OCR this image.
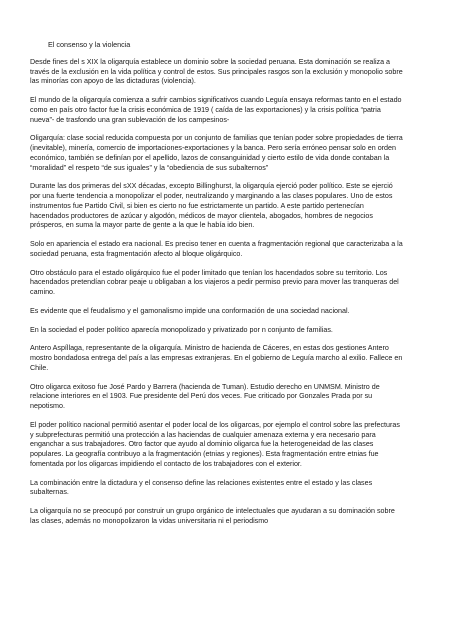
El consenso y la violencia
Desde fines del s XIX la oligarquía establece un dominio sobre la sociedad peruana. Esta dominación se realiza a través de la exclusión en la vida política y control de estos. Sus principales rasgos son la exclusión y monopolio sobre las minorías con apoyo de las dictaduras (violencia).
El mundo de la oligarquía comienza a sufrir cambios significativos cuando Leguía ensaya reformas tanto en el estado como en país otro factor fue la crisis económica de 1919 ( caída de las exportaciones) y la crisis política “patria nueva”- de trasfondo una gran sublevación de los campesinos-
Oligarquía: clase social reducida compuesta por un conjunto de familias que tenían poder sobre propiedades de tierra (inevitable), minería, comercio de importaciones-exportaciones y la banca. Pero sería erróneo pensar solo en orden económico, también se definían por el apellido, lazos de consanguinidad y cierto estilo de vida donde contaban la “moralidad” el respeto “de sus iguales” y la “obediencia de sus subalternos”
Durante las dos primeras del sXX décadas, excepto Billinghurst, la oligarquía ejerció poder político. Este se ejerció por una fuerte tendencia a monopolizar el poder, neutralizando y marginando a las clases populares. Uno de estos instrumentos fue Partido Civil, si bien es cierto no fue estrictamente un partido. A este partido pertenecían hacendados productores de azúcar y algodón, médicos de mayor clientela, abogados, hombres de negocios prósperos, en suma la mayor parte de gente a la que le había ido bien.
Solo en apariencia el estado era nacional. Es preciso tener en cuenta a fragmentación regional que caracterizaba a la sociedad peruana, esta fragmentación afecto al bloque oligárquico.
Otro obstáculo para el estado oligárquico fue el poder limitado que tenían los hacendados sobre su territorio. Los hacendados pretendían cobrar peaje u obligaban a los viajeros a pedir permiso previo para mover las tranqueras del camino.
Es evidente que el feudalismo y el gamonalismo impide una conformación de una sociedad nacional.
En la sociedad el poder político aparecía monopolizado y privatizado por n conjunto de familias.
Antero Aspíllaga, representante de la oligarquía. Ministro de hacienda de Cáceres, en estas dos gestiones Antero mostro bondadosa entrega del país a las empresas extranjeras. En el gobierno de Leguía marcho al exilio. Fallece en Chile.
Otro oligarca exitoso fue José Pardo y Barrera (hacienda de Tuman). Estudio derecho en UNMSM. Ministro de relacione interiores en el 1903. Fue presidente del Perú dos veces. Fue criticado por Gonzales Prada por su nepotismo.
El poder político nacional permitió asentar el poder local de los oligarcas, por ejemplo el control sobre las prefecturas y subprefecturas permitió una protección a las haciendas de cualquier amenaza externa y era necesario para enganchar a sus trabajadores. Otro factor que ayudo al dominio oligarca fue la heterogeneidad de las clases populares. La geografía contribuyo a la fragmentación (etnias y regiones). Esta fragmentación entre etnias fue fomentada por los oligarcas impidiendo el contacto de los trabajadores con el exterior.
La combinación entre la dictadura y el consenso define las relaciones existentes entre el estado y las clases subalternas.
La oligarquía no se preocupó por construir un grupo orgánico de intelectuales que ayudaran a su dominación sobre las clases, además no monopolizaron la vidas universitaria ni el periodismo
